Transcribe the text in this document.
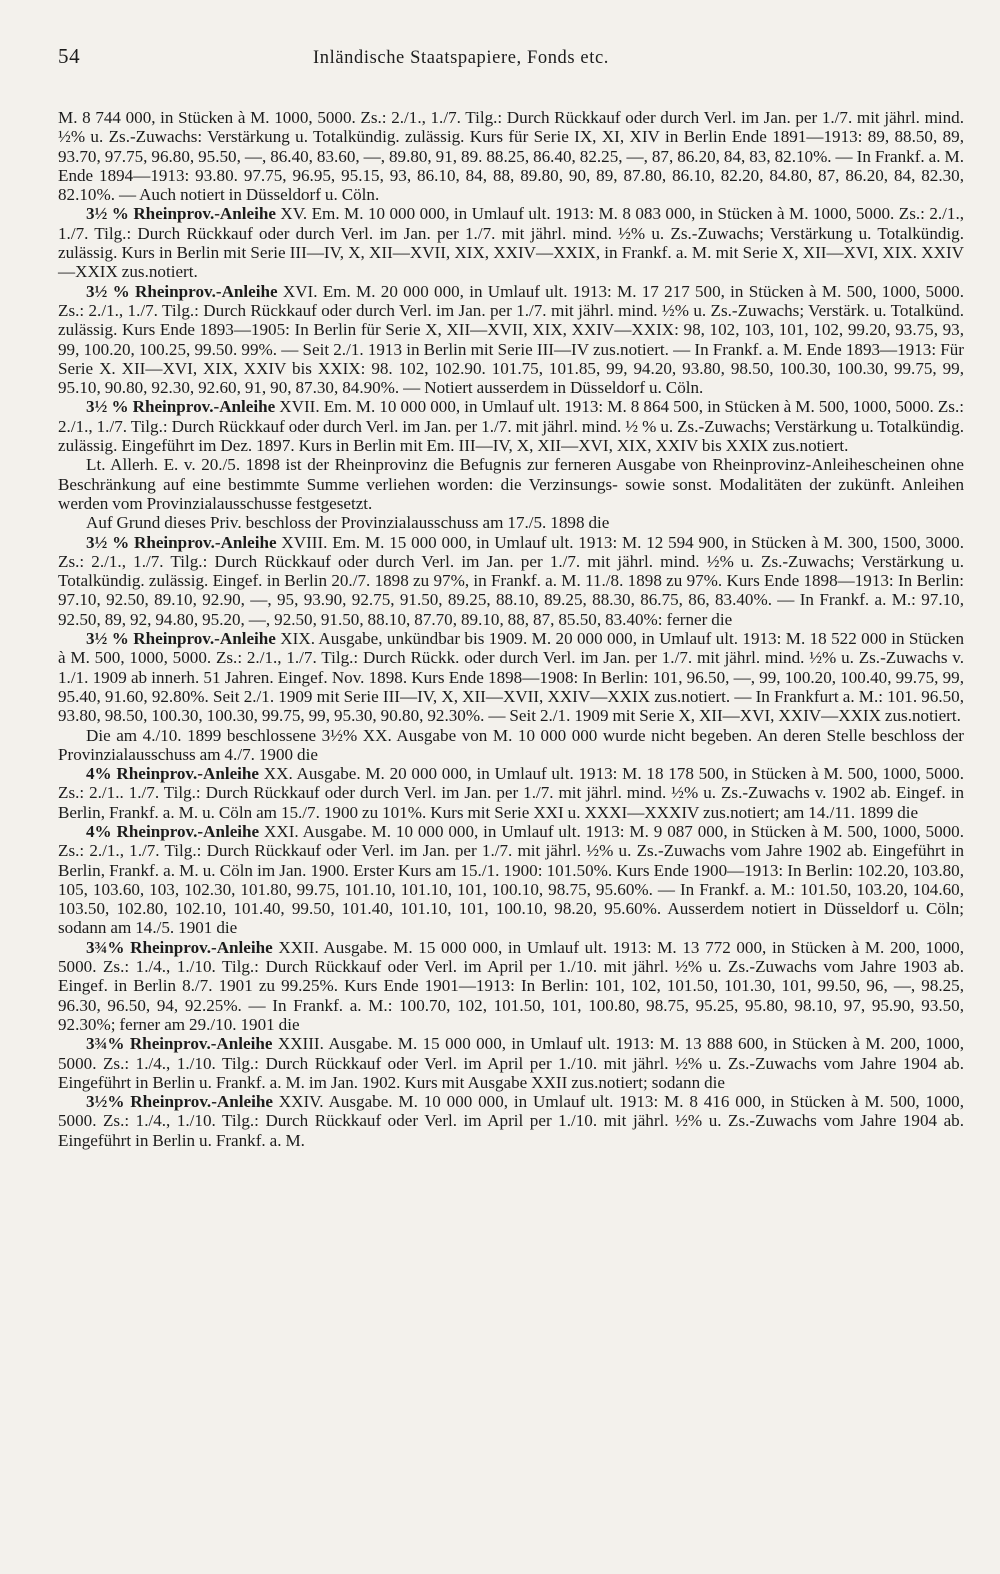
54	Inländische Staatspapiere, Fonds etc.

M. 8 744 000, in Stücken à M. 1000, 5000. Zs.: 2./1., 1./7. Tilg.: Durch Rückkauf oder durch Verl. im Jan. per 1./7. mit jährl. mind. ½% u. Zs.-Zuwachs: Verstärkung u. Totalkündig. zulässig. Kurs für Serie IX, XI, XIV in Berlin Ende 1891—1913: 89, 88.50, 89, 93.70, 97.75, 96.80, 95.50, —, 86.40, 83.60, —, 89.80, 91, 89. 88.25, 86.40, 82.25, —, 87, 86.20, 84, 83, 82.10%. — In Frankf. a. M. Ende 1894—1913: 93.80. 97.75, 96.95, 95.15, 93, 86.10, 84, 88, 89.80, 90, 89, 87.80, 86.10, 82.20, 84.80, 87, 86.20, 84, 82.30, 82.10%. — Auch notiert in Düsseldorf u. Cöln.

3½ % Rheinprov.-Anleihe XV. Em. M. 10 000 000, in Umlauf ult. 1913: M. 8 083 000, in Stücken à M. 1000, 5000. Zs.: 2./1., 1./7. Tilg.: Durch Rückkauf oder durch Verl. im Jan. per 1./7. mit jährl. mind. ½% u. Zs.-Zuwachs; Verstärkung u. Totalkündig. zulässig. Kurs in Berlin mit Serie III—IV, X, XII—XVII, XIX, XXIV—XXIX, in Frankf. a. M. mit Serie X, XII—XVI, XIX. XXIV—XXIX zus.notiert.

3½ % Rheinprov.-Anleihe XVI. Em. M. 20 000 000, in Umlauf ult. 1913: M. 17 217 500, in Stücken à M. 500, 1000, 5000. Zs.: 2./1., 1./7. Tilg.: Durch Rückkauf oder durch Verl. im Jan. per 1./7. mit jährl. mind. ½% u. Zs.-Zuwachs; Verstärk. u. Totalkünd. zulässig. Kurs Ende 1893—1905: In Berlin für Serie X, XII—XVII, XIX, XXIV—XXIX: 98, 102, 103, 101, 102, 99.20, 93.75, 93, 99, 100.20, 100.25, 99.50. 99%. — Seit 2./1. 1913 in Berlin mit Serie III—IV zus.notiert. — In Frankf. a. M. Ende 1893—1913: Für Serie X. XII—XVI, XIX, XXIV bis XXIX: 98. 102, 102.90. 101.75, 101.85, 99, 94.20, 93.80, 98.50, 100.30, 100.30, 99.75, 99, 95.10, 90.80, 92.30, 92.60, 91, 90, 87.30, 84.90%. — Notiert ausserdem in Düsseldorf u. Cöln.

3½ % Rheinprov.-Anleihe XVII. Em. M. 10 000 000, in Umlauf ult. 1913: M. 8 864 500, in Stücken à M. 500, 1000, 5000. Zs.: 2./1., 1./7. Tilg.: Durch Rückkauf oder durch Verl. im Jan. per 1./7. mit jährl. mind. ½ % u. Zs.-Zuwachs; Verstärkung u. Totalkündig. zulässig. Eingeführt im Dez. 1897. Kurs in Berlin mit Em. III—IV, X, XII—XVI, XIX, XXIV bis XXIX zus.notiert.

Lt. Allerh. E. v. 20./5. 1898 ist der Rheinprovinz die Befugnis zur ferneren Ausgabe von Rheinprovinz-Anleihescheinen ohne Beschränkung auf eine bestimmte Summe verliehen worden: die Verzinsungs- sowie sonst. Modalitäten der zukünft. Anleihen werden vom Provinzialausschusse festgesetzt.

Auf Grund dieses Priv. beschloss der Provinzialausschuss am 17./5. 1898 die

3½ % Rheinprov.-Anleihe XVIII. Em. M. 15 000 000, in Umlauf ult. 1913: M. 12 594 900, in Stücken à M. 300, 1500, 3000. Zs.: 2./1., 1./7. Tilg.: Durch Rückkauf oder durch Verl. im Jan. per 1./7. mit jährl. mind. ½% u. Zs.-Zuwachs; Verstärkung u. Totalkündig. zulässig. Eingef. in Berlin 20./7. 1898 zu 97%, in Frankf. a. M. 11./8. 1898 zu 97%. Kurs Ende 1898—1913: In Berlin: 97.10, 92.50, 89.10, 92.90, —, 95, 93.90, 92.75, 91.50, 89.25, 88.10, 89.25, 88.30, 86.75, 86, 83.40%. — In Frankf. a. M.: 97.10, 92.50, 89, 92, 94.80, 95.20, —, 92.50, 91.50, 88.10, 87.70, 89.10, 88, 87, 85.50, 83.40%: ferner die

3½ % Rheinprov.-Anleihe XIX. Ausgabe, unkündbar bis 1909. M. 20 000 000, in Umlauf ult. 1913: M. 18 522 000 in Stücken à M. 500, 1000, 5000. Zs.: 2./1., 1./7. Tilg.: Durch Rückk. oder durch Verl. im Jan. per 1./7. mit jährl. mind. ½% u. Zs.-Zuwachs v. 1./1. 1909 ab innerh. 51 Jahren. Eingef. Nov. 1898. Kurs Ende 1898—1908: In Berlin: 101, 96.50, —, 99, 100.20, 100.40, 99.75, 99, 95.40, 91.60, 92.80%. Seit 2./1. 1909 mit Serie III—IV, X, XII—XVII, XXIV—XXIX zus.notiert. — In Frankfurt a. M.: 101. 96.50, 93.80, 98.50, 100.30, 100.30, 99.75, 99, 95.30, 90.80, 92.30%. — Seit 2./1. 1909 mit Serie X, XII—XVI, XXIV—XXIX zus.notiert.

Die am 4./10. 1899 beschlossene 3½% XX. Ausgabe von M. 10 000 000 wurde nicht begeben. An deren Stelle beschloss der Provinzialausschuss am 4./7. 1900 die

4% Rheinprov.-Anleihe XX. Ausgabe. M. 20 000 000, in Umlauf ult. 1913: M. 18 178 500, in Stücken à M. 500, 1000, 5000. Zs.: 2./1.. 1./7. Tilg.: Durch Rückkauf oder durch Verl. im Jan. per 1./7. mit jährl. mind. ½% u. Zs.-Zuwachs v. 1902 ab. Eingef. in Berlin, Frankf. a. M. u. Cöln am 15./7. 1900 zu 101%. Kurs mit Serie XXI u. XXXI—XXXIV zus.notiert; am 14./11. 1899 die

4% Rheinprov.-Anleihe XXI. Ausgabe. M. 10 000 000, in Umlauf ult. 1913: M. 9 087 000, in Stücken à M. 500, 1000, 5000. Zs.: 2./1., 1./7. Tilg.: Durch Rückkauf oder Verl. im Jan. per 1./7. mit jährl. ½% u. Zs.-Zuwachs vom Jahre 1902 ab. Eingeführt in Berlin, Frankf. a. M. u. Cöln im Jan. 1900. Erster Kurs am 15./1. 1900: 101.50%. Kurs Ende 1900—1913: In Berlin: 102.20, 103.80, 105, 103.60, 103, 102.30, 101.80, 99.75, 101.10, 101.10, 101, 100.10, 98.75, 95.60%. — In Frankf. a. M.: 101.50, 103.20, 104.60, 103.50, 102.80, 102.10, 101.40, 99.50, 101.40, 101.10, 101, 100.10, 98.20, 95.60%. Ausserdem notiert in Düsseldorf u. Cöln; sodann am 14./5. 1901 die

3¾% Rheinprov.-Anleihe XXII. Ausgabe. M. 15 000 000, in Umlauf ult. 1913: M. 13 772 000, in Stücken à M. 200, 1000, 5000. Zs.: 1./4., 1./10. Tilg.: Durch Rückkauf oder Verl. im April per 1./10. mit jährl. ½% u. Zs.-Zuwachs vom Jahre 1903 ab. Eingef. in Berlin 8./7. 1901 zu 99.25%. Kurs Ende 1901—1913: In Berlin: 101, 102, 101.50, 101.30, 101, 99.50, 96, —, 98.25, 96.30, 96.50, 94, 92.25%. — In Frankf. a. M.: 100.70, 102, 101.50, 101, 100.80, 98.75, 95.25, 95.80, 98.10, 97, 95.90, 93.50, 92.30%; ferner am 29./10. 1901 die

3¾% Rheinprov.-Anleihe XXIII. Ausgabe. M. 15 000 000, in Umlauf ult. 1913: M. 13 888 600, in Stücken à M. 200, 1000, 5000. Zs.: 1./4., 1./10. Tilg.: Durch Rückkauf oder Verl. im April per 1./10. mit jährl. ½% u. Zs.-Zuwachs vom Jahre 1904 ab. Eingeführt in Berlin u. Frankf. a. M. im Jan. 1902. Kurs mit Ausgabe XXII zus.notiert; sodann die

3½% Rheinprov.-Anleihe XXIV. Ausgabe. M. 10 000 000, in Umlauf ult. 1913: M. 8 416 000, in Stücken à M. 500, 1000, 5000. Zs.: 1./4., 1./10. Tilg.: Durch Rückkauf oder Verl. im April per 1./10. mit jährl. ½% u. Zs.-Zuwachs vom Jahre 1904 ab. Eingeführt in Berlin u. Frankf. a. M.
